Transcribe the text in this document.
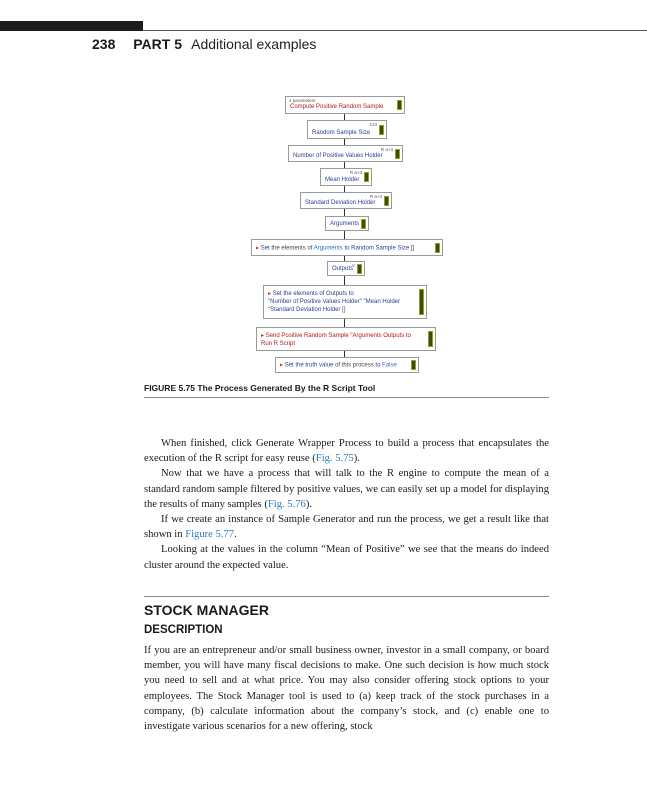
238 PART 5 Additional examples
4 parameters
Compute Positive Random Sample
123
Random Sample Size
R a+3
Number of Positive Values Holder
R a+3
Mean Holder
R a+4
Standard Deviation Holder
Arguments
▸ Set the elements of Arguments to Random Sample Size []
V
Outputs
▸ Set the elements of Outputs to
"Number of Positive Values Holder" "Mean Holder
"Standard Deviation Holder []
▸ Send Positive Random Sample "Arguments Outputs to
Run R Script
▸ Set the truth value of this process to False
FIGURE 5.75 The Process Generated By the R Script Tool

When finished, click Generate Wrapper Process to build a process that encapsulates the execution of the R script for easy reuse (Fig. 5.75).

Now that we have a process that will talk to the R engine to compute the mean of a standard random sample filtered by positive values, we can easily set up a model for displaying the results of many samples (Fig. 5.76).

If we create an instance of Sample Generator and run the process, we get a result like that shown in Figure 5.77.

Looking at the values in the column “Mean of Positive” we see that the means do indeed cluster around the expected value.

STOCK MANAGER
DESCRIPTION

If you are an entrepreneur and/or small business owner, investor in a small company, or board member, you will have many fiscal decisions to make. One such decision is how much stock you need to sell and at what price. You may also consider offering stock options to your employees. The Stock Manager tool is used to (a) keep track of the stock purchases in a company, (b) calculate information about the company’s stock, and (c) enable one to investigate various scenarios for a new offering, stock
